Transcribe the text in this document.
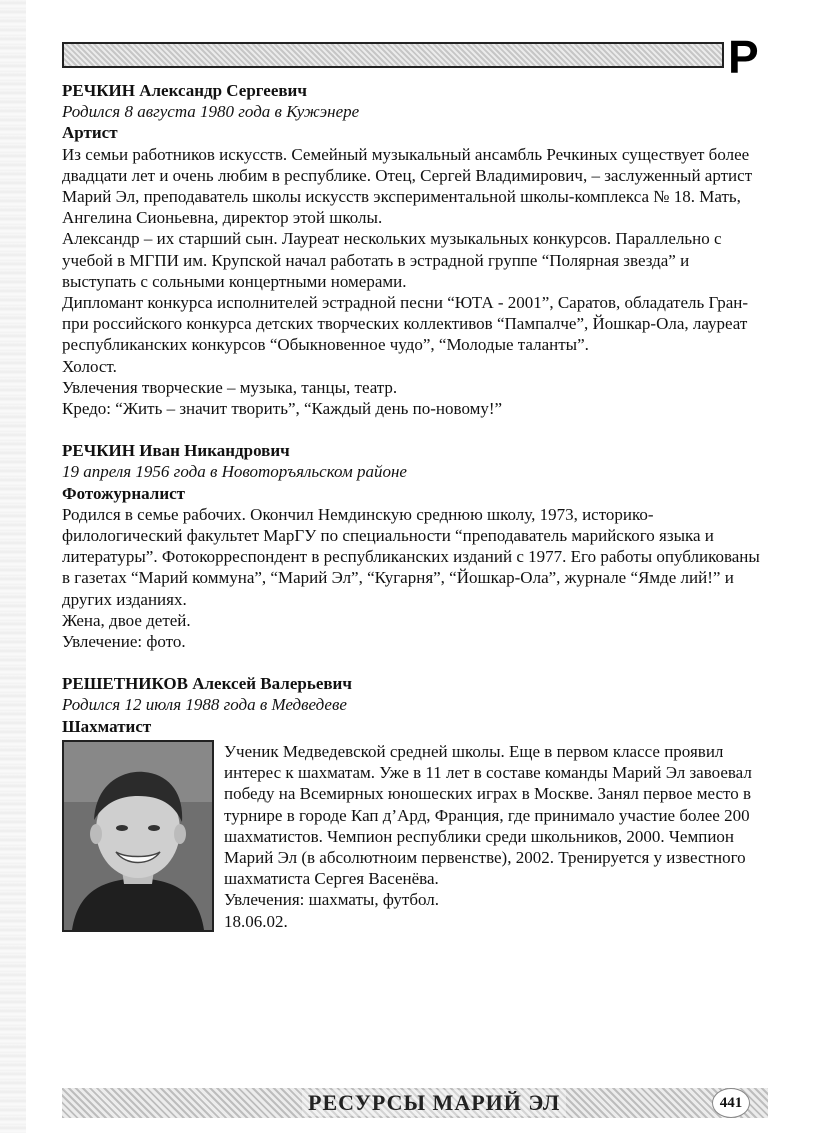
Р
РЕЧКИН Александр Сергеевич
Родился 8 августа 1980 года в Кужэнере
Артист

Из семьи работников искусств. Семейный музыкальный ансамбль Речкиных существует более двадцати лет и очень любим в республике. Отец, Сергей Владимирович, – заслуженный артист Марий Эл, преподаватель школы искусств экспериментальной школы-комплекса № 18. Мать, Ангелина Сионьевна, директор этой школы.

Александр – их старший сын. Лауреат нескольких музыкальных конкурсов. Параллельно с учебой в МГПИ им. Крупской начал работать в эстрадной группе “Полярная звезда” и выступать с сольными концертными номерами.

Дипломант конкурса исполнителей эстрадной песни “ЮТА - 2001”, Саратов, обладатель Гран-при российского конкурса детских творческих коллективов “Пампалче”, Йошкар-Ола, лауреат республиканских конкурсов “Обыкновенное чудо”, “Молодые таланты”.

Холост.

Увлечения творческие – музыка, танцы, театр.

Кредо: “Жить – значит творить”, “Каждый день по-новому!”

РЕЧКИН Иван Никандрович
19 апреля 1956 года в Новоторъяльском районе
Фотожурналист

Родился в семье рабочих. Окончил Немдинскую среднюю школу, 1973, историко-филологический факультет МарГУ по специальности “преподаватель марийского языка и литературы”. Фотокорреспондент в республиканских изданий с 1977. Его работы опубликованы в газетах “Марий коммуна”, “Марий Эл”, “Кугарня”, “Йошкар-Ола”, журнале “Ямде лий!” и других изданиях.

Жена, двое детей.

Увлечение: фото.

РЕШЕТНИКОВ Алексей Валерьевич
Родился 12 июля 1988 года в Медведеве
Шахматист

Ученик Медведевской средней школы. Еще в первом классе проявил интерес к шахматам. Уже в 11 лет в составе команды Марий Эл завоевал победу на Всемирных юношеских играх в Москве. Занял первое место в турнире в городе Кап д’Ард, Франция, где принимало участие более 200 шахматистов. Чемпион республики среди школьников, 2000. Чемпион Марий Эл (в абсолютноим первенстве), 2002. Тренируется у известного шахматиста Сергея Васенёва.

Увлечения: шахматы, футбол.

18.06.02.

РЕСУРСЫ МАРИЙ ЭЛ	441
